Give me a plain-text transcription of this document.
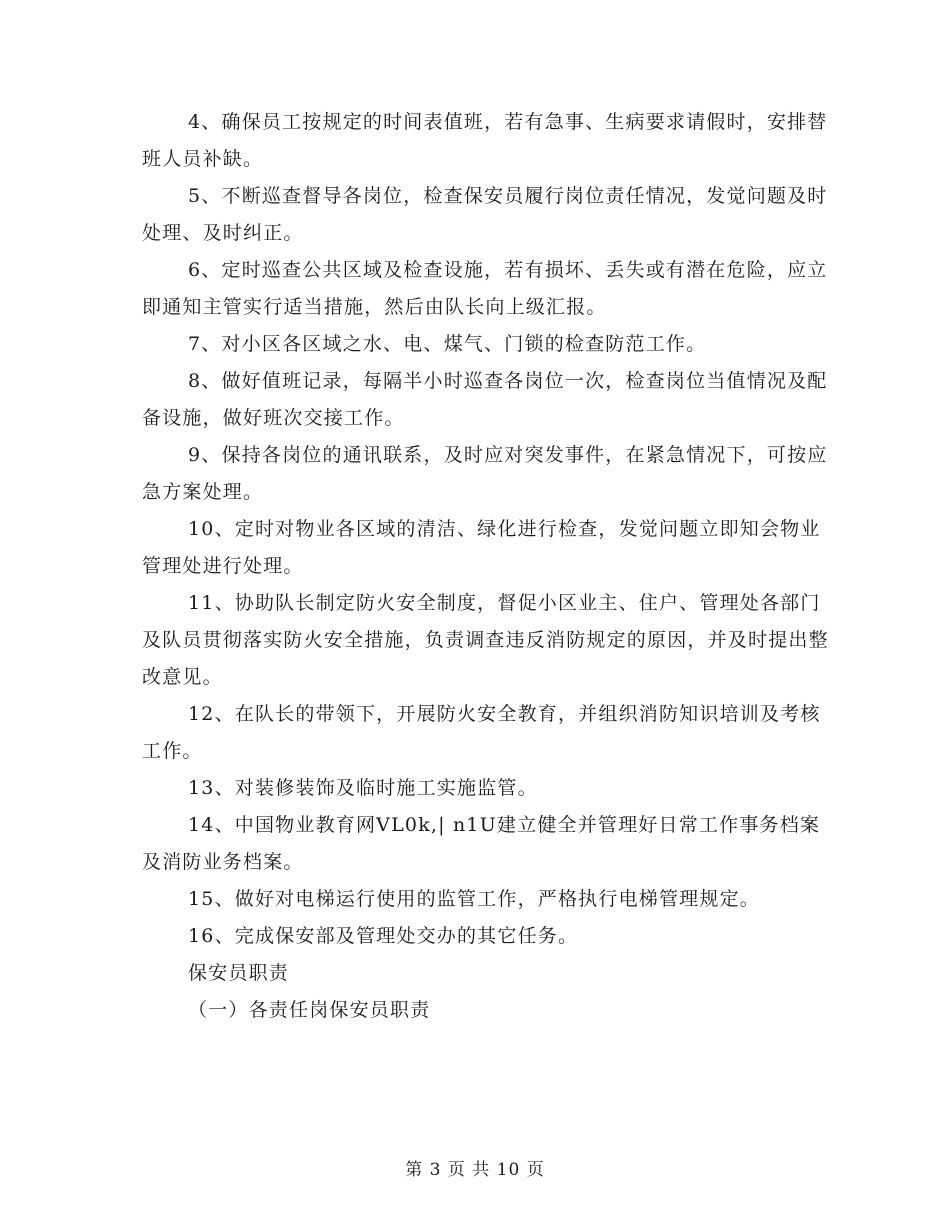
4、确保员工按规定的时间表值班，若有急事、生病要求请假时，安排替班人员补缺。

5、不断巡查督导各岗位，检查保安员履行岗位责任情况，发觉问题及时处理、及时纠正。

6、定时巡查公共区域及检查设施，若有损坏、丢失或有潜在危险，应立即通知主管实行适当措施，然后由队长向上级汇报。

7、对小区各区域之水、电、煤气、门锁的检查防范工作。

8、做好值班记录，每隔半小时巡查各岗位一次，检查岗位当值情况及配备设施，做好班次交接工作。

9、保持各岗位的通讯联系，及时应对突发事件，在紧急情况下，可按应急方案处理。

10、定时对物业各区域的清洁、绿化进行检查，发觉问题立即知会物业管理处进行处理。

11、协助队长制定防火安全制度，督促小区业主、住户、管理处各部门及队员贯彻落实防火安全措施，负责调查违反消防规定的原因，并及时提出整改意见。

12、在队长的带领下，开展防火安全教育，并组织消防知识培训及考核工作。

13、对装修装饰及临时施工实施监管。

14、中国物业教育网VL0k,| n1U建立健全并管理好日常工作事务档案及消防业务档案。

15、做好对电梯运行使用的监管工作，严格执行电梯管理规定。

16、完成保安部及管理处交办的其它任务。

保安员职责

（一）各责任岗保安员职责

第 3 页 共 10 页
